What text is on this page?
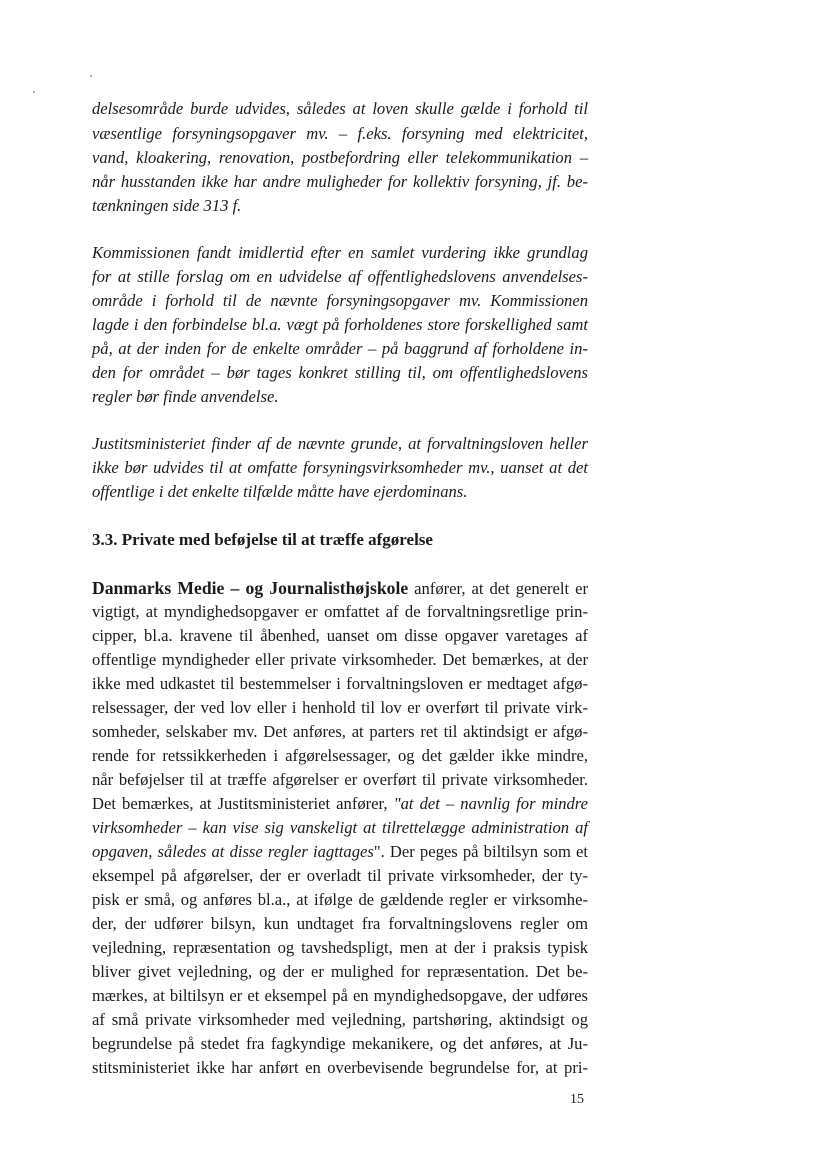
delsesområde burde udvides, således at loven skulle gælde i forhold til
væsentlige forsyningsopgaver mv. – f.eks. forsyning med elektricitet,
vand, kloakering, renovation, postbefordring eller telekommunikation –
når husstanden ikke har andre muligheder for kollektiv forsyning, jf. be-
tænkningen side 313 f.
Kommissionen fandt imidlertid efter en samlet vurdering ikke grundlag
for at stille forslag om en udvidelse af offentlighedslovens anvendelses-
område i forhold til de nævnte forsyningsopgaver mv. Kommissionen
lagde i den forbindelse bl.a. vægt på forholdenes store forskellighed samt
på, at der inden for de enkelte områder – på baggrund af forholdene in-
den for området – bør tages konkret stilling til, om offentlighedslovens
regler bør finde anvendelse.
Justitsministeriet finder af de nævnte grunde, at forvaltningsloven heller
ikke bør udvides til at omfatte forsyningsvirksomheder mv., uanset at det
offentlige i det enkelte tilfælde måtte have ejerdominans.
3.3. Private med beføjelse til at træffe afgørelse
Danmarks Medie – og Journalisthøjskole anfører, at det generelt er
vigtigt, at myndighedsopgaver er omfattet af de forvaltningsretlige prin-
cipper, bl.a. kravene til åbenhed, uanset om disse opgaver varetages af
offentlige myndigheder eller private virksomheder. Det bemærkes, at der
ikke med udkastet til bestemmelser i forvaltningsloven er medtaget afgø-
relsessager, der ved lov eller i henhold til lov er overført til private virk-
somheder, selskaber mv. Det anføres, at parters ret til aktindsigt er afgø-
rende for retssikkerheden i afgørelsessager, og det gælder ikke mindre,
når beføjelser til at træffe afgørelser er overført til private virksomheder.
Det bemærkes, at Justitsministeriet anfører, "at det – navnlig for mindre
virksomheder – kan vise sig vanskeligt at tilrettelægge administration af
opgaven, således at disse regler iagttages". Der peges på biltilsyn som et
eksempel på afgørelser, der er overladt til private virksomheder, der ty-
pisk er små, og anføres bl.a., at ifølge de gældende regler er virksomhe-
der, der udfører bilsyn, kun undtaget fra forvaltningslovens regler om
vejledning, repræsentation og tavshedspligt, men at der i praksis typisk
bliver givet vejledning, og der er mulighed for repræsentation. Det be-
mærkes, at biltilsyn er et eksempel på en myndighedsopgave, der udføres
af små private virksomheder med vejledning, partshøring, aktindsigt og
begrundelse på stedet fra fagkyndige mekanikere, og det anføres, at Ju-
stitsministeriet ikke har anført en overbevisende begrundelse for, at pri-
15
